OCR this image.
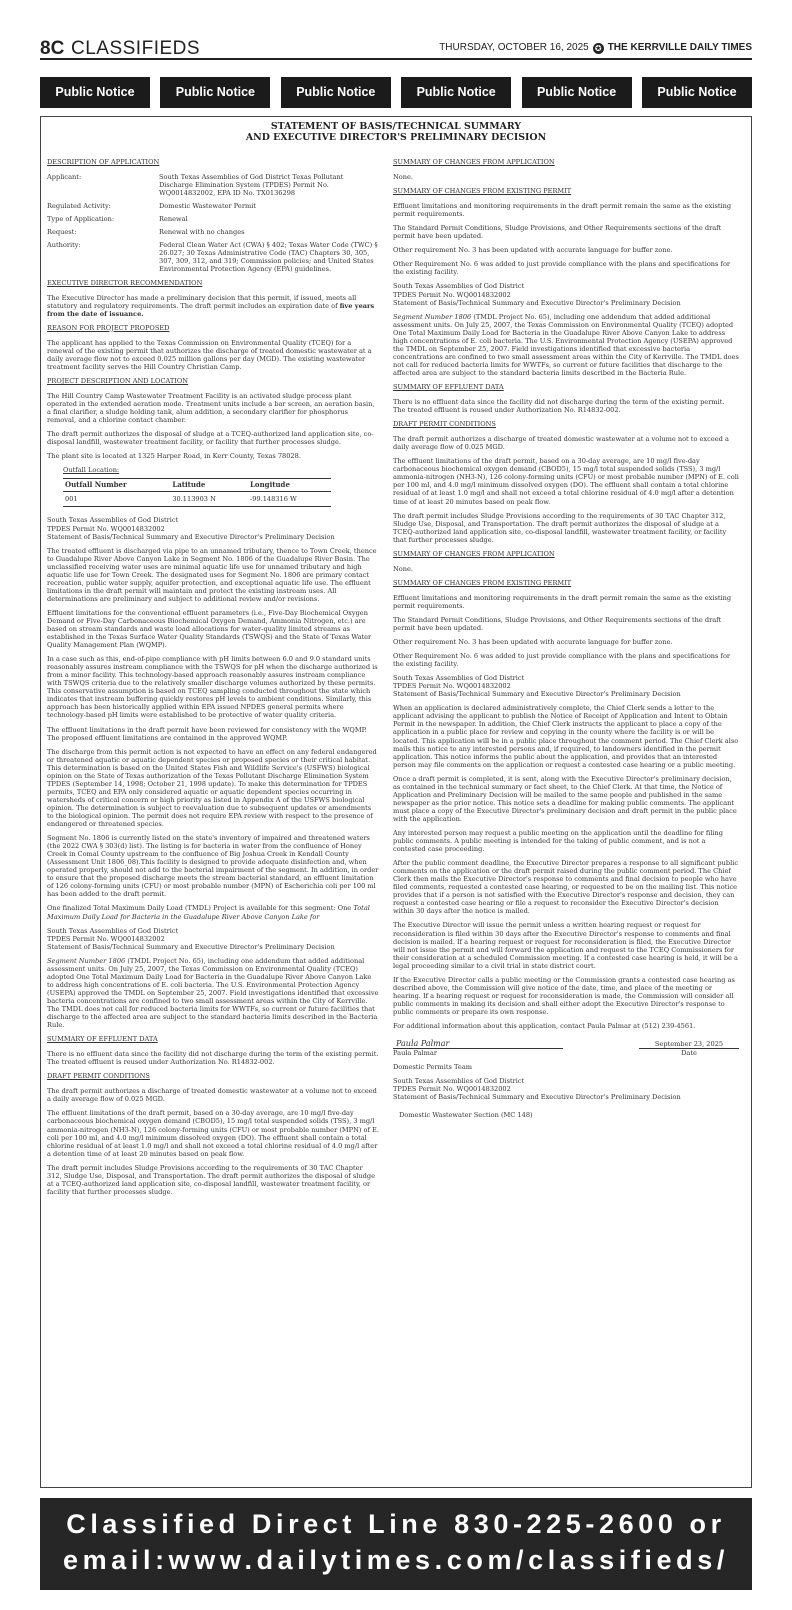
8C CLASSIFIEDS	THURSDAY, OCTOBER 16, 2025 ✪ THE KERRVILLE DAILY TIMES
Public Notice	Public Notice	Public Notice	Public Notice	Public Notice	Public Notice
STATEMENT OF BASIS/TECHNICAL SUMMARY
AND EXECUTIVE DIRECTOR'S PRELIMINARY DECISION
DESCRIPTION OF APPLICATION
Applicant:	South Texas Assemblies of God District Texas Pollutant Discharge Elimination System (TPDES) Permit No. WQ0014832002, EPA ID No. TX0136298
Regulated Activity:	Domestic Wastewater Permit
Type of Application:	Renewal
Request:	Renewal with no changes
Authority:	Federal Clean Water Act (CWA) § 402; Texas Water Code (TWC) § 26.027; 30 Texas Administrative Code (TAC) Chapters 30, 305, 307, 309, 312, and 319; Commission policies; and United States Environmental Protection Agency (EPA) guidelines.
EXECUTIVE DIRECTOR RECOMMENDATION

The Executive Director has made a preliminary decision that this permit, if issued, meets all statutory and regulatory requirements. The draft permit includes an expiration date of five years from the date of issuance.

REASON FOR PROJECT PROPOSED

The applicant has applied to the Texas Commission on Environmental Quality (TCEQ) for a renewal of the existing permit that authorizes the discharge of treated domestic wastewater at a daily average flow not to exceed 0.025 million gallons per day (MGD). The existing wastewater treatment facility serves the Hill Country Christian Camp.

PROJECT DESCRIPTION AND LOCATION

The Hill Country Camp Wastewater Treatment Facility is an activated sludge process plant operated in the extended aeration mode. Treatment units include a bar screen, an aeration basin, a final clarifier, a sludge holding tank, alum addition, a secondary clarifier for phosphorus removal, and a chlorine contact chamber.

The draft permit authorizes the disposal of sludge at a TCEQ-authorized land application site, co-disposal landfill, wastewater treatment facility, or facility that further processes sludge.

The plant site is located at 1325 Harper Road, in Kerr County, Texas 78028.

Outfall Location:
Outfall Number	Latitude	Longitude
001	30.113903 N	-99.148316 W
South Texas Assemblies of God District
TPDES Permit No. WQ0014832002
Statement of Basis/Technical Summary and Executive Director's Preliminary Decision

The treated effluent is discharged via pipe to an unnamed tributary, thence to Town Creek, thence to Guadalupe River Above Canyon Lake in Segment No. 1806 of the Guadalupe River Basin. The unclassified receiving water uses are minimal aquatic life use for unnamed tributary and high aquatic life use for Town Creek. The designated uses for Segment No. 1806 are primary contact recreation, public water supply, aquifer protection, and exceptional aquatic life use. The effluent limitations in the draft permit will maintain and protect the existing instream uses. All determinations are preliminary and subject to additional review and/or revisions.

Effluent limitations for the conventional effluent parameters (i.e., Five-Day Biochemical Oxygen Demand or Five-Day Carbonaceous Biochemical Oxygen Demand, Ammonia Nitrogen, etc.) are based on stream standards and waste load allocations for water-quality limited streams as established in the Texas Surface Water Quality Standards (TSWQS) and the State of Texas Water Quality Management Plan (WQMP).

In a case such as this, end-of-pipe compliance with pH limits between 6.0 and 9.0 standard units reasonably assures instream compliance with the TSWQS for pH when the discharge authorized is from a minor facility. This technology-based approach reasonably assures instream compliance with TSWQS criteria due to the relatively smaller discharge volumes authorized by these permits. This conservative assumption is based on TCEQ sampling conducted throughout the state which indicates that instream buffering quickly restores pH levels to ambient conditions. Similarly, this approach has been historically applied within EPA issued NPDES general permits where technology-based pH limits were established to be protective of water quality criteria.

The effluent limitations in the draft permit have been reviewed for consistency with the WQMP. The proposed effluent limitations are contained in the approved WQMP.

The discharge from this permit action is not expected to have an effect on any federal endangered or threatened aquatic or aquatic dependent species or proposed species or their critical habitat. This determination is based on the United States Fish and Wildlife Service's (USFWS) biological opinion on the State of Texas authorization of the Texas Pollutant Discharge Elimination System TPDES (September 14, 1998; October 21, 1998 update). To make this determination for TPDES permits, TCEQ and EPA only considered aquatic or aquatic dependent species occurring in watersheds of critical concern or high priority as listed in Appendix A of the USFWS biological opinion. The determination is subject to reevaluation due to subsequent updates or amendments to the biological opinion. The permit does not require EPA review with respect to the presence of endangered or threatened species.

Segment No. 1806 is currently listed on the state's inventory of impaired and threatened waters (the 2022 CWA § 303(d) list). The listing is for bacteria in water from the confluence of Honey Creek in Comal County upstream to the confluence of Big Joshua Creek in Kendall County (Assessment Unit 1806_08).This facility is designed to provide adequate disinfection and, when operated properly, should not add to the bacterial impairment of the segment. In addition, in order to ensure that the proposed discharge meets the stream bacterial standard, an effluent limitation of 126 colony-forming units (CFU) or most probable number (MPN) of Escherichia coli per 100 ml has been added to the draft permit.

One finalized Total Maximum Daily Load (TMDL) Project is available for this segment: One Total Maximum Daily Load for Bacteria in the Guadalupe River Above Canyon Lake for

South Texas Assemblies of God District
TPDES Permit No. WQ0014832002
Statement of Basis/Technical Summary and Executive Director's Preliminary Decision

Segment Number 1806 (TMDL Project No. 65), including one addendum that added additional assessment units. On July 25, 2007, the Texas Commission on Environmental Quality (TCEQ) adopted One Total Maximum Daily Load for Bacteria in the Guadalupe River Above Canyon Lake to address high concentrations of E. coli bacteria. The U.S. Environmental Protection Agency (USEPA) approved the TMDL on September 25, 2007. Field investigations identified that excessive bacteria concentrations are confined to two small assessment areas within the City of Kerrville. The TMDL does not call for reduced bacteria limits for WWTFs, so current or future facilities that discharge to the affected area are subject to the standard bacteria limits described in the Bacteria Rule.

SUMMARY OF EFFLUENT DATA

There is no effluent data since the facility did not discharge during the term of the existing permit. The treated effluent is reused under Authorization No. R14832-002.

DRAFT PERMIT CONDITIONS

The draft permit authorizes a discharge of treated domestic wastewater at a volume not to exceed a daily average flow of 0.025 MGD.

The effluent limitations of the draft permit, based on a 30-day average, are 10 mg/l five-day carbonaceous biochemical oxygen demand (CBOD5), 15 mg/l total suspended solids (TSS), 3 mg/l ammonia-nitrogen (NH3-N), 126 colony-forming units (CFU) or most probable number (MPN) of E. coli per 100 ml, and 4.0 mg/l minimum dissolved oxygen (DO). The effluent shall contain a total chlorine residual of at least 1.0 mg/l and shall not exceed a total chlorine residual of 4.0 mg/l after a detention time of at least 20 minutes based on peak flow.

The draft permit includes Sludge Provisions according to the requirements of 30 TAC Chapter 312, Sludge Use, Disposal, and Transportation. The draft permit authorizes the disposal of sludge at a TCEQ-authorized land application site, co-disposal landfill, wastewater treatment facility, or facility that further processes sludge.

SUMMARY OF CHANGES FROM APPLICATION

None.

SUMMARY OF CHANGES FROM EXISTING PERMIT

Effluent limitations and monitoring requirements in the draft permit remain the same as the existing permit requirements.

The Standard Permit Conditions, Sludge Provisions, and Other Requirements sections of the draft permit have been updated.

Other requirement No. 3 has been updated with accurate language for buffer zone.

Other Requirement No. 6 was added to just provide compliance with the plans and specifications for the existing facility.

South Texas Assemblies of God District
TPDES Permit No. WQ0014832002
Statement of Basis/Technical Summary and Executive Director's Preliminary Decision

Segment Number 1806 (TMDL Project No. 65), including one addendum that added additional assessment units. On July 25, 2007, the Texas Commission on Environmental Quality (TCEQ) adopted One Total Maximum Daily Load for Bacteria in the Guadalupe River Above Canyon Lake to address high concentrations of E. coli bacteria. The U.S. Environmental Protection Agency (USEPA) approved the TMDL on September 25, 2007. Field investigations identified that excessive bacteria concentrations are confined to two small assessment areas within the City of Kerrville. The TMDL does not call for reduced bacteria limits for WWTFs, so current or future facilities that discharge to the affected area are subject to the standard bacteria limits described in the Bacteria Rule.

SUMMARY OF EFFLUENT DATA

There is no effluent data since the facility did not discharge during the term of the existing permit. The treated effluent is reused under Authorization No. R14832-002.

DRAFT PERMIT CONDITIONS

The draft permit authorizes a discharge of treated domestic wastewater at a volume not to exceed a daily average flow of 0.025 MGD.

The effluent limitations of the draft permit, based on a 30-day average, are 10 mg/l five-day carbonaceous biochemical oxygen demand (CBOD5), 15 mg/l total suspended solids (TSS), 3 mg/l ammonia-nitrogen (NH3-N), 126 colony-forming units (CFU) or most probable number (MPN) of E. coli per 100 ml, and 4.0 mg/l minimum dissolved oxygen (DO). The effluent shall contain a total chlorine residual of at least 1.0 mg/l and shall not exceed a total chlorine residual of 4.0 mg/l after a detention time of at least 20 minutes based on peak flow.

The draft permit includes Sludge Provisions according to the requirements of 30 TAC Chapter 312, Sludge Use, Disposal, and Transportation. The draft permit authorizes the disposal of sludge at a TCEQ-authorized land application site, co-disposal landfill, wastewater treatment facility, or facility that further processes sludge.

SUMMARY OF CHANGES FROM APPLICATION

None.

SUMMARY OF CHANGES FROM EXISTING PERMIT

Effluent limitations and monitoring requirements in the draft permit remain the same as the existing permit requirements.

The Standard Permit Conditions, Sludge Provisions, and Other Requirements sections of the draft permit have been updated.

Other requirement No. 3 has been updated with accurate language for buffer zone.

Other Requirement No. 6 was added to just provide compliance with the plans and specifications for the existing facility.

South Texas Assemblies of God District
TPDES Permit No. WQ0014832002
Statement of Basis/Technical Summary and Executive Director's Preliminary Decision

When an application is declared administratively complete, the Chief Clerk sends a letter to the applicant advising the applicant to publish the Notice of Receipt of Application and Intent to Obtain Permit in the newspaper. In addition, the Chief Clerk instructs the applicant to place a copy of the application in a public place for review and copying in the county where the facility is or will be located. This application will be in a public place throughout the comment period. The Chief Clerk also mails this notice to any interested persons and, if required, to landowners identified in the permit application. This notice informs the public about the application, and provides that an interested person may file comments on the application or request a contested case hearing or a public meeting.

Once a draft permit is completed, it is sent, along with the Executive Director's preliminary decision, as contained in the technical summary or fact sheet, to the Chief Clerk. At that time, the Notice of Application and Preliminary Decision will be mailed to the same people and published in the same newspaper as the prior notice. This notice sets a deadline for making public comments. The applicant must place a copy of the Executive Director's preliminary decision and draft permit in the public place with the application.

Any interested person may request a public meeting on the application until the deadline for filing public comments. A public meeting is intended for the taking of public comment, and is not a contested case proceeding.

After the public comment deadline, the Executive Director prepares a response to all significant public comments on the application or the draft permit raised during the public comment period. The Chief Clerk then mails the Executive Director's response to comments and final decision to people who have filed comments, requested a contested case hearing, or requested to be on the mailing list. This notice provides that if a person is not satisfied with the Executive Director's response and decision, they can request a contested case hearing or file a request to reconsider the Executive Director's decision within 30 days after the notice is mailed.

The Executive Director will issue the permit unless a written hearing request or request for reconsideration is filed within 30 days after the Executive Director's response to comments and final decision is mailed. If a hearing request or request for reconsideration is filed, the Executive Director will not issue the permit and will forward the application and request to the TCEQ Commissioners for their consideration at a scheduled Commission meeting. If a contested case hearing is held, it will be a legal proceeding similar to a civil trial in state district court.

If the Executive Director calls a public meeting or the Commission grants a contested case hearing as described above, the Commission will give notice of the date, time, and place of the meeting or hearing. If a hearing request or request for reconsideration is made, the Commission will consider all public comments in making its decision and shall either adopt the Executive Director's response to public comments or prepare its own response.

For additional information about this application, contact Paula Palmar at (512) 239-4561.

Paula Palmar	September 23, 2025
Paula Palmar	Date
Domestic Permits Team
South Texas Assemblies of God District
TPDES Permit No. WQ0014832002
Statement of Basis/Technical Summary and Executive Director's Preliminary Decision
Domestic Wastewater Section (MC 148)
Classified Direct Line 830-225-2600 or
email:www.dailytimes.com/classifieds/
